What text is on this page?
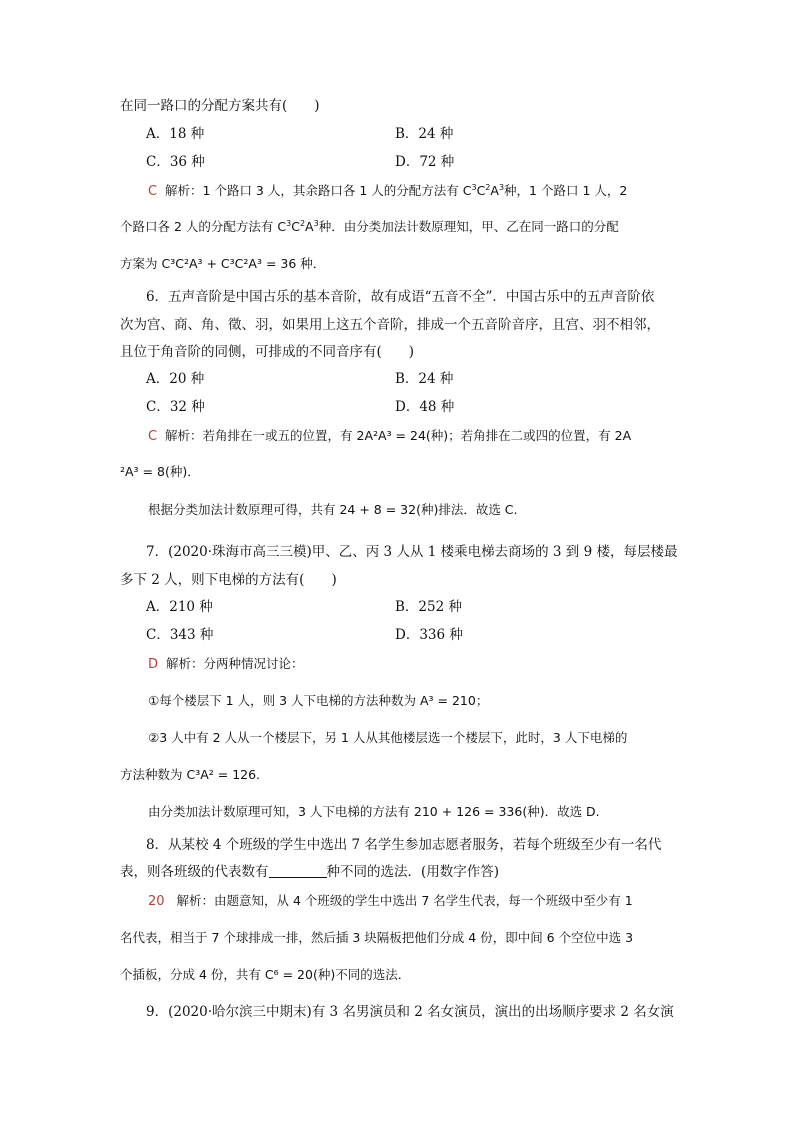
在同一路口的分配方案共有(　　)
A．18 种	B．24 种
C．36 种	D．72 种
C 解析：1 个路口 3 人，其余路口各 1 人的分配方法有 $C^3C^2A^3$种，1 个路口 1 人，2
个路口各 2 人的分配方法有 $C^3C^2A^3$种．由分类加法计数原理知，甲、乙在同一路口的分配
方案为 C³C²A³ + C³C²A³ = 36 种．
6．五声音阶是中国古乐的基本音阶，故有成语“五音不全”．中国古乐中的五声音阶依
次为宫、商、角、徵、羽，如果用上这五个音阶，排成一个五音阶音序，且宫、羽不相邻，
且位于角音阶的同侧，可排成的不同音序有(　　)
A．20 种	B．24 种
C．32 种	D．48 种
C 解析：若角排在一或五的位置，有 2A²A³ = 24(种)；若角排在二或四的位置，有 2A
²A³ = 8(种)．
根据分类加法计数原理可得，共有 24 + 8 = 32(种)排法．故选 C.
7．(2020·珠海市高三三模)甲、乙、丙 3 人从 1 楼乘电梯去商场的 3 到 9 楼，每层楼最
多下 2 人，则下电梯的方法有(　　)
A．210 种	B．252 种
C．343 种	D．336 种
D 解析：分两种情况讨论：
①每个楼层下 1 人，则 3 人下电梯的方法种数为 A³ = 210；
②3 人中有 2 人从一个楼层下，另 1 人从其他楼层选一个楼层下，此时，3 人下电梯的
方法种数为 C³A² = 126.
由分类加法计数原理可知，3 人下电梯的方法有 210 + 126 = 336(种)．故选 D.
8．从某校 4 个班级的学生中选出 7 名学生参加志愿者服务，若每个班级至少有一名代
表，则各班级的代表数有	种不同的选法．(用数字作答)
20 解析：由题意知，从 4 个班级的学生中选出 7 名学生代表，每一个班级中至少有 1
名代表，相当于 7 个球排成一排，然后插 3 块隔板把他们分成 4 份，即中间 6 个空位中选 3
个插板，分成 4 份，共有 C⁶ = 20(种)不同的选法．
9．(2020·哈尔滨三中期末)有 3 名男演员和 2 名女演员，演出的出场顺序要求 2 名女演
